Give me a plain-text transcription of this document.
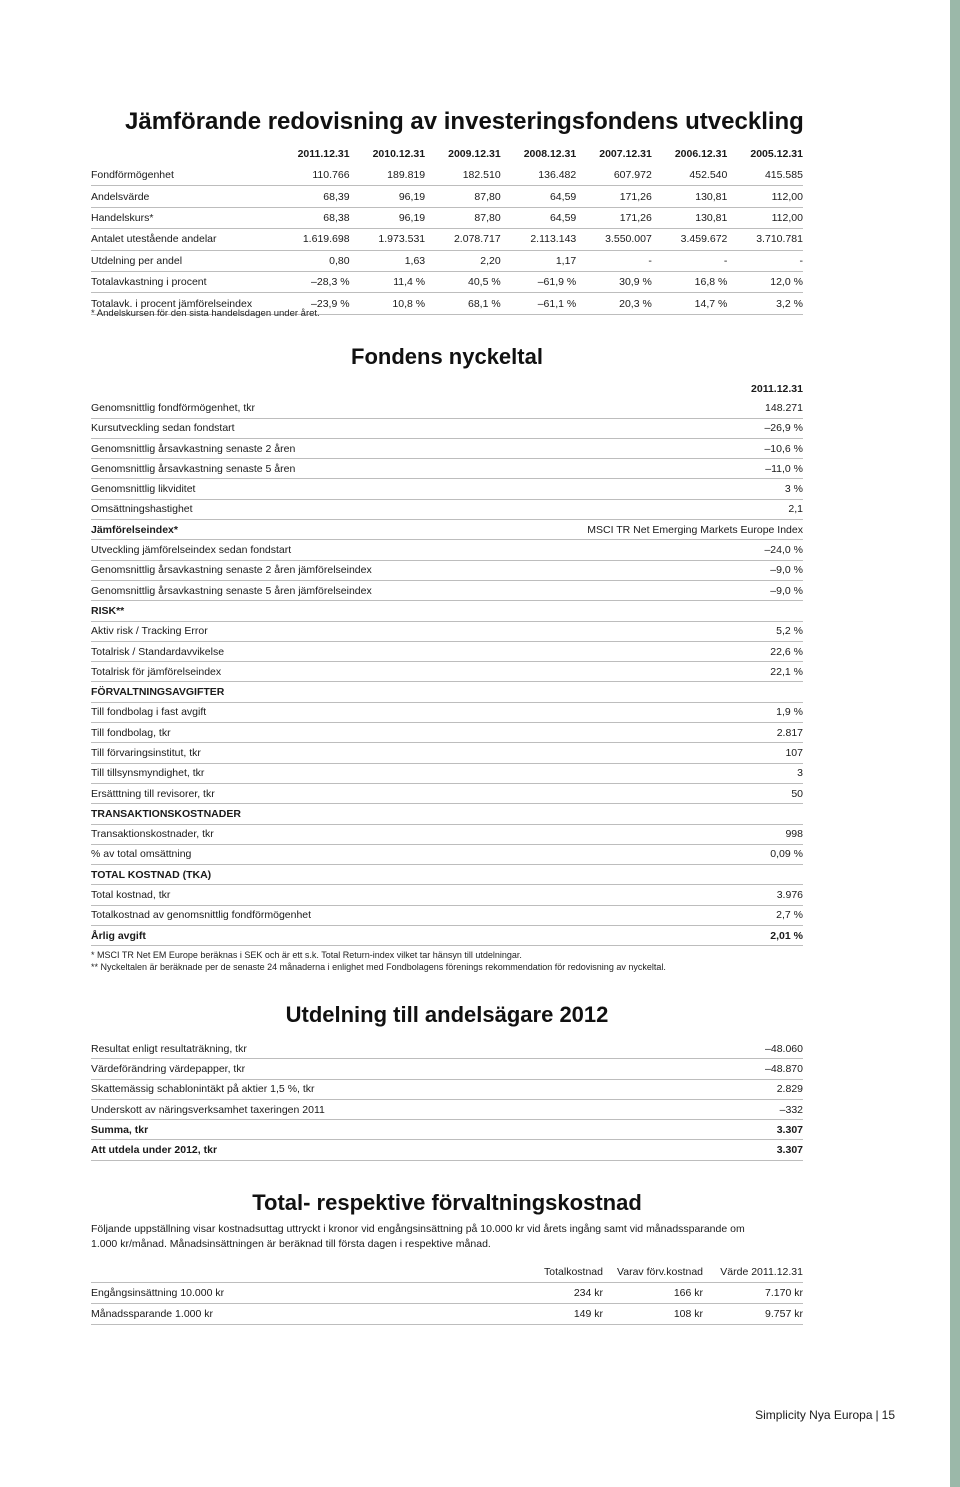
Jämförande redovisning av investeringsfondens utveckling
2011.12.31	2010.12.31	2009.12.31	2008.12.31	2007.12.31	2006.12.31	2005.12.31
Fondförmögenhet	110.766	189.819	182.510	136.482	607.972	452.540	415.585
Andelsvärde	68,39	96,19	87,80	64,59	171,26	130,81	112,00
Handelskurs*	68,38	96,19	87,80	64,59	171,26	130,81	112,00
Antalet utestående andelar	1.619.698	1.973.531	2.078.717	2.113.143	3.550.007	3.459.672	3.710.781
Utdelning per andel	0,80	1,63	2,20	1,17	-	-	-
Totalavkastning i procent	–28,3 %	11,4 %	40,5 %	–61,9 %	30,9 %	16,8 %	12,0 %
Totalavk. i procent jämförelseindex	–23,9 %	10,8 %	68,1 %	–61,1 %	20,3 %	14,7 %	3,2 %
* Andelskursen för den sista handelsdagen under året.
Fondens nyckeltal
2011.12.31
Genomsnittlig fondförmögenhet, tkr	148.271
Kursutveckling sedan fondstart	–26,9 %
Genomsnittlig årsavkastning senaste 2 åren	–10,6 %
Genomsnittlig årsavkastning senaste 5 åren	–11,0 %
Genomsnittlig likviditet	3 %
Omsättningshastighet	2,1
Jämförelseindex*	MSCI TR Net Emerging Markets Europe Index
Utveckling jämförelseindex sedan fondstart	–24,0 %
Genomsnittlig årsavkastning senaste 2 åren jämförelseindex	–9,0 %
Genomsnittlig årsavkastning senaste 5 åren jämförelseindex	–9,0 %
RISK**
Aktiv risk / Tracking Error	5,2 %
Totalrisk / Standardavvikelse	22,6 %
Totalrisk för jämförelseindex	22,1 %
FÖRVALTNINGSAVGIFTER
Till fondbolag i fast avgift	1,9 %
Till fondbolag, tkr	2.817
Till förvaringsinstitut, tkr	107
Till tillsynsmyndighet, tkr	3
Ersätttning till revisorer, tkr	50
TRANSAKTIONSKOSTNADER
Transaktionskostnader, tkr	998
% av total omsättning	0,09 %
TOTAL KOSTNAD (TKA)
Total kostnad, tkr	3.976
Totalkostnad av genomsnittlig fondförmögenhet	2,7 %
Årlig avgift	2,01 %
* MSCI TR Net EM Europe beräknas i SEK och är ett s.k. Total Return-index vilket tar hänsyn till utdelningar.
** Nyckeltalen är beräknade per de senaste 24 månaderna i enlighet med Fondbolagens förenings rekommendation för redovisning av nyckeltal.
Utdelning till andelsägare 2012
Resultat enligt resultaträkning, tkr	–48.060
Värdeförändring värdepapper, tkr	–48.870
Skattemässig schablonintäkt på aktier 1,5 %, tkr	2.829
Underskott av näringsverksamhet taxeringen 2011	–332
Summa, tkr	3.307
Att utdela under 2012, tkr	3.307
Total- respektive förvaltningskostnad
Följande uppställning visar kostnadsuttag uttryckt i kronor vid engångsinsättning på 10.000 kr vid årets ingång samt vid månadssparande om
1.000 kr/månad. Månadsinsättningen är beräknad till första dagen i respektive månad.
Totalkostnad	Varav förv.kostnad	Värde 2011.12.31
Engångsinsättning 10.000 kr	234 kr	166 kr	7.170 kr
Månadssparande 1.000 kr	149 kr	108 kr	9.757 kr
Simplicity Nya Europa | 15
